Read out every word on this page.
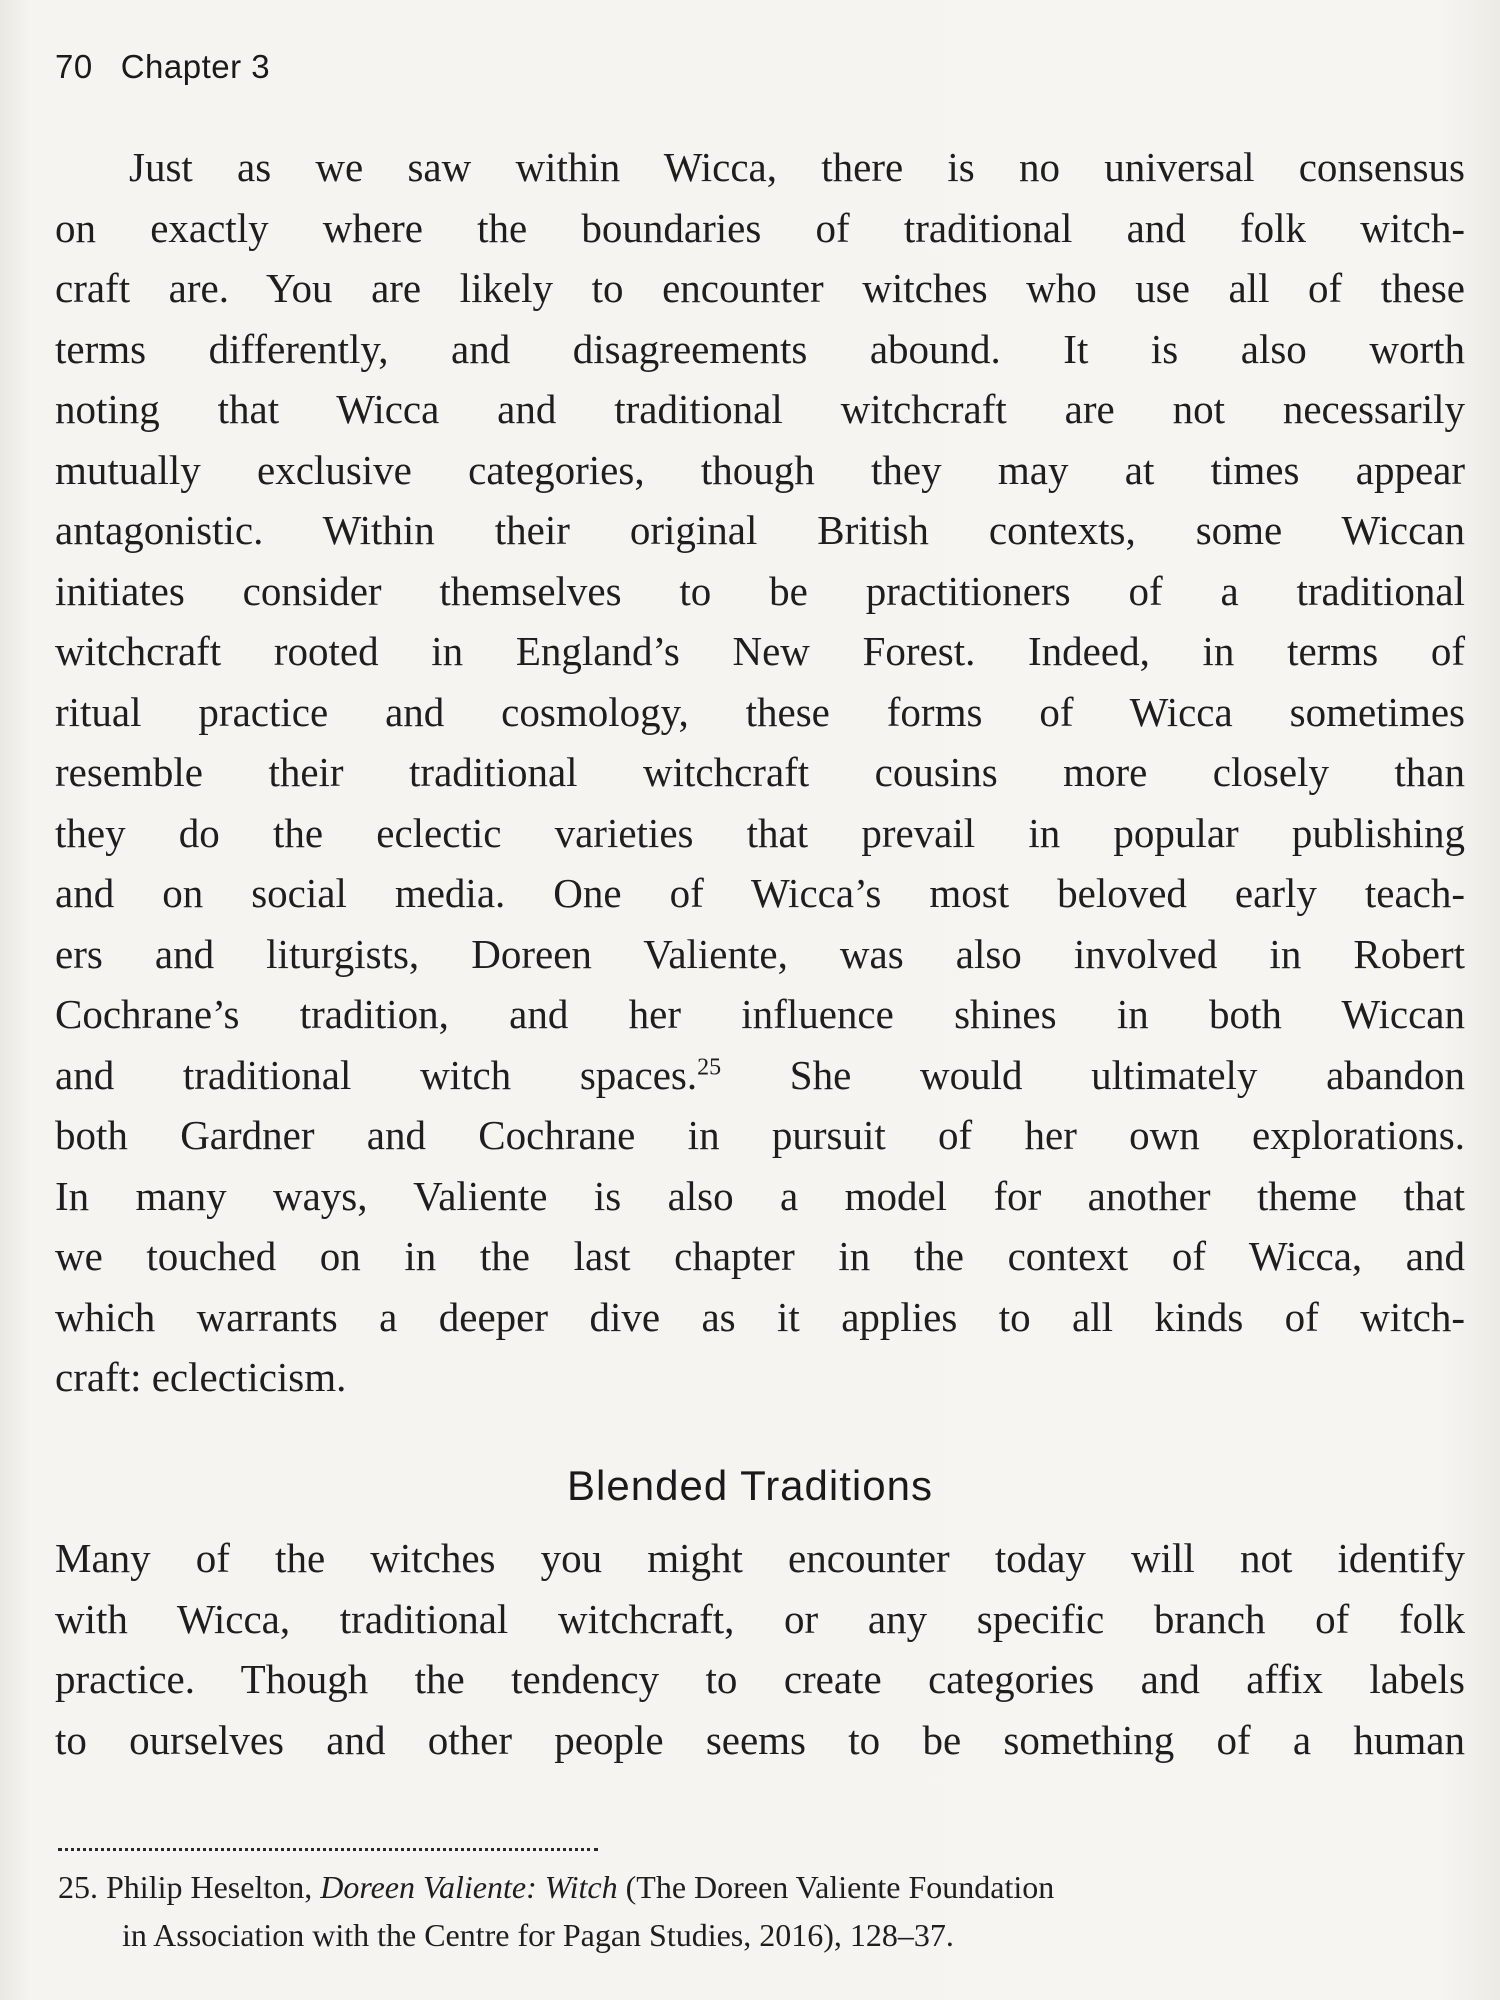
70 Chapter 3
Just as we saw within Wicca, there is no universal consensus
on exactly where the boundaries of traditional and folk witch-
craft are. You are likely to encounter witches who use all of these
terms differently, and disagreements abound. It is also worth
noting that Wicca and traditional witchcraft are not necessarily
mutually exclusive categories, though they may at times appear
antagonistic. Within their original British contexts, some Wiccan
initiates consider themselves to be practitioners of a traditional
witchcraft rooted in England’s New Forest. Indeed, in terms of
ritual practice and cosmology, these forms of Wicca sometimes
resemble their traditional witchcraft cousins more closely than
they do the eclectic varieties that prevail in popular publishing
and on social media. One of Wicca’s most beloved early teach-
ers and liturgists, Doreen Valiente, was also involved in Robert
Cochrane’s tradition, and her influence shines in both Wiccan
and traditional witch spaces.$^{25}$ She would ultimately abandon
both Gardner and Cochrane in pursuit of her own explorations.
In many ways, Valiente is also a model for another theme that
we touched on in the last chapter in the context of Wicca, and
which warrants a deeper dive as it applies to all kinds of witch-
craft: eclecticism.
Blended Traditions
Many of the witches you might encounter today will not identify
with Wicca, traditional witchcraft, or any specific branch of folk
practice. Though the tendency to create categories and affix labels
to ourselves and other people seems to be something of a human
25. Philip Heselton, Doreen Valiente: Witch (The Doreen Valiente Foundation
in Association with the Centre for Pagan Studies, 2016), 128–37.
